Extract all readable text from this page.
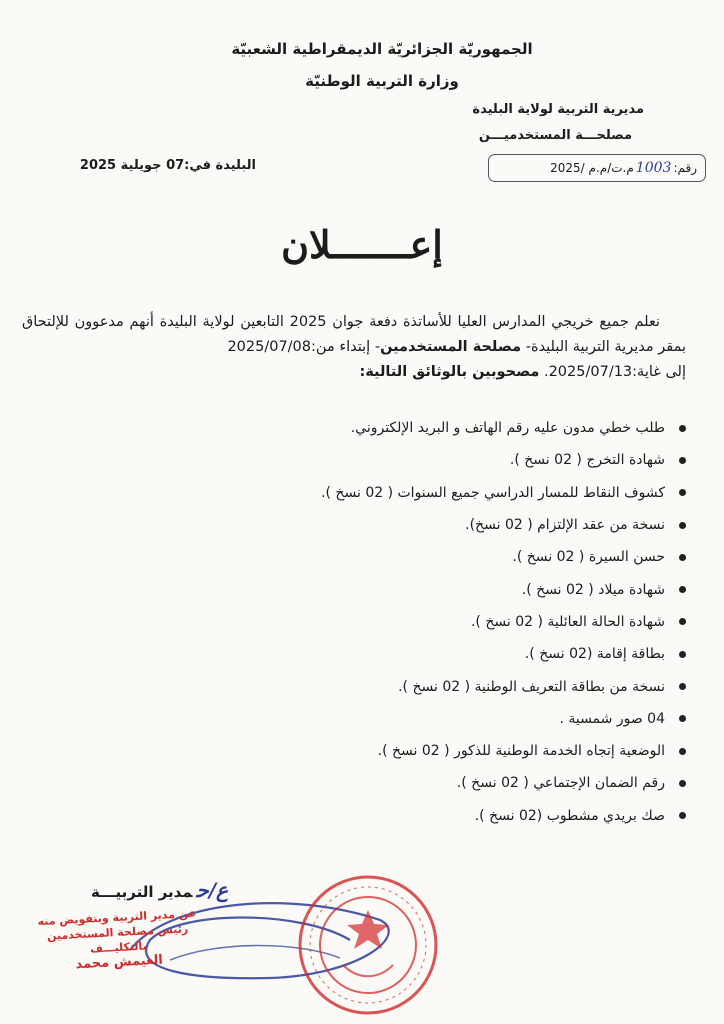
الجمهوريّة الجزائريّة الديمقراطية الشعبيّة
وزارة التربية الوطنيّة
مديرية التربية لولاية البليدة
مصلحـــة المستخدميـــن
البليدة في:07 جويلية 2025	رقم:
1003
م.ت/م.م /2025
إعـــــــلان

نعلم جميع خريجي المدارس العليا للأساتذة دفعة جوان 2025 التابعين لولاية البليدة أنهم مدعوون للإلتحاق بمقر مديرية التربية البليدة- مصلحة المستخدمين- إبتداء من:2025/07/08

إلى غاية:2025/07/13. مصحوبين بالوثائق التالية:

طلب خطي مدون عليه رقم الهاتف و البريد الإلكتروني.
شهادة التخرج ( 02 نسخ ).
كشوف النقاط للمسار الدراسي جميع السنوات ( 02 نسخ ).
نسخة من عقد الإلتزام ( 02 نسخ).
حسن السيرة ( 02 نسخ ).
شهادة ميلاد ( 02 نسخ ).
شهادة الحالة العائلية ( 02 نسخ ).
بطاقة إقامة (02 نسخ ).
نسخة من بطاقة التعريف الوطنية ( 02 نسخ ).
04 صور شمسية .
الوضعية إتجاه الخدمة الوطنية للذكور ( 02 نسخ ).
رقم الضمان الإجتماعي ( 02 نسخ ).
صك بريدي مشطوب (02 نسخ ).
ع/حمدير التربيـــة
عن مدير التربية وبتفويض منه
رئيس مصلحة المستخدمين
بالتكليـــف
العيمش محمد
